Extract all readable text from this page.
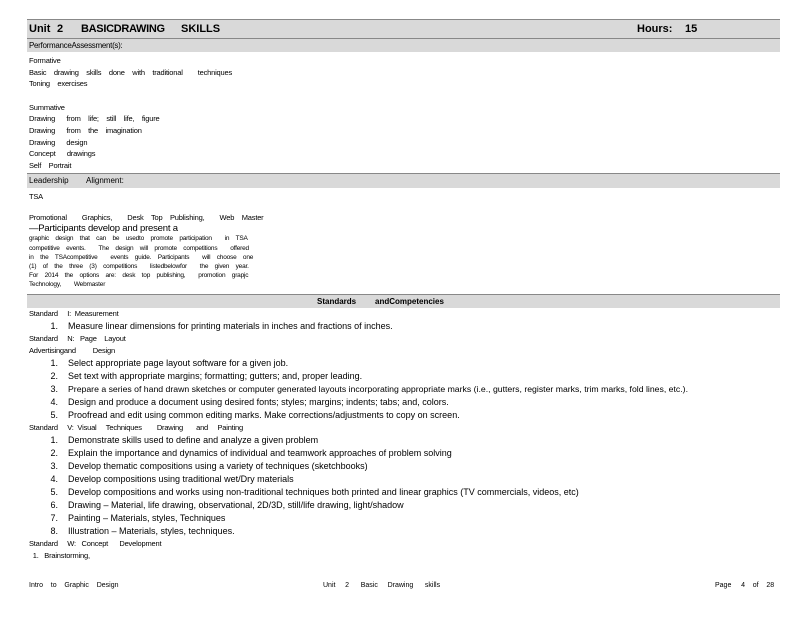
Unit 2 BASICDRAWING SKILLS	Hours: 15
PerformanceAssessment(s):
Formative
Basic    drawing    skills    done    with    traditional        techniques
Toning    exercises
Summative
Drawing      from    life;    still    life,    figure
Drawing      from    the    imagination
Drawing      design
Concept      drawings
Self    Portrait
Leadership Alignment:
TSA
Promotional        Graphics,        Desk    Top    Publishing,        Web    Master
—Participants develop and present a
graphic    design    that    can    be    usedto    promote    participation        in    TSA
competitive    events.        The    design    will    promote    competitions        offered
in    the    TSAcompetitive        events    guide.    Participants        will    choose    one
(1)    of    the    three    (3)    competitions        listedbelowfor        the    given    year.
For    2014    the    options    are:    desk    top    publishing,        promotion    grapjc
Technology,        Webmaster
Standards andCompetencies
Standard     I:  Measurement
1.	Measure linear dimensions for printing materials in inches and fractions of inches.
Standard     N:   Page    Layout
Advertisingand         Design
1.	Select appropriate page layout software for a given job.
2.	Set text with appropriate margins; formatting; gutters; and, proper leading.
3.	Prepare a series of hand drawn sketches or computer generated layouts incorporating appropriate marks (i.e., gutters, register marks, trim marks, fold lines, etc.).
4.	Design and produce a document using desired fonts; styles; margins; indents; tabs; and, colors.
5.	Proofread and edit using common editing marks. Make corrections/adjustments to copy on screen.
Standard     V:  Visual     Techniques        Drawing       and     Painting
1.	Demonstrate skills used to define and analyze a given problem
2.	Explain the importance and dynamics of individual and teamwork approaches of problem solving
3.	Develop thematic compositions using a variety of techniques (sketchbooks)
4.	Develop compositions using traditional wet/Dry materials
5.	Develop compositions and works using non-traditional techniques both printed and linear graphics (TV commercials, videos, etc)
6.	Drawing – Material, life drawing, observational, 2D/3D, still/life drawing, light/shadow
7.	Painting – Materials, styles, Techniques
8.	Illustration – Materials, styles, techniques.
Standard     W:   Concept      Development
1.   Brainstorming,
Intro    to    Graphic    Design	Unit     2      Basic     Drawing      skills	Page     4    of    28
